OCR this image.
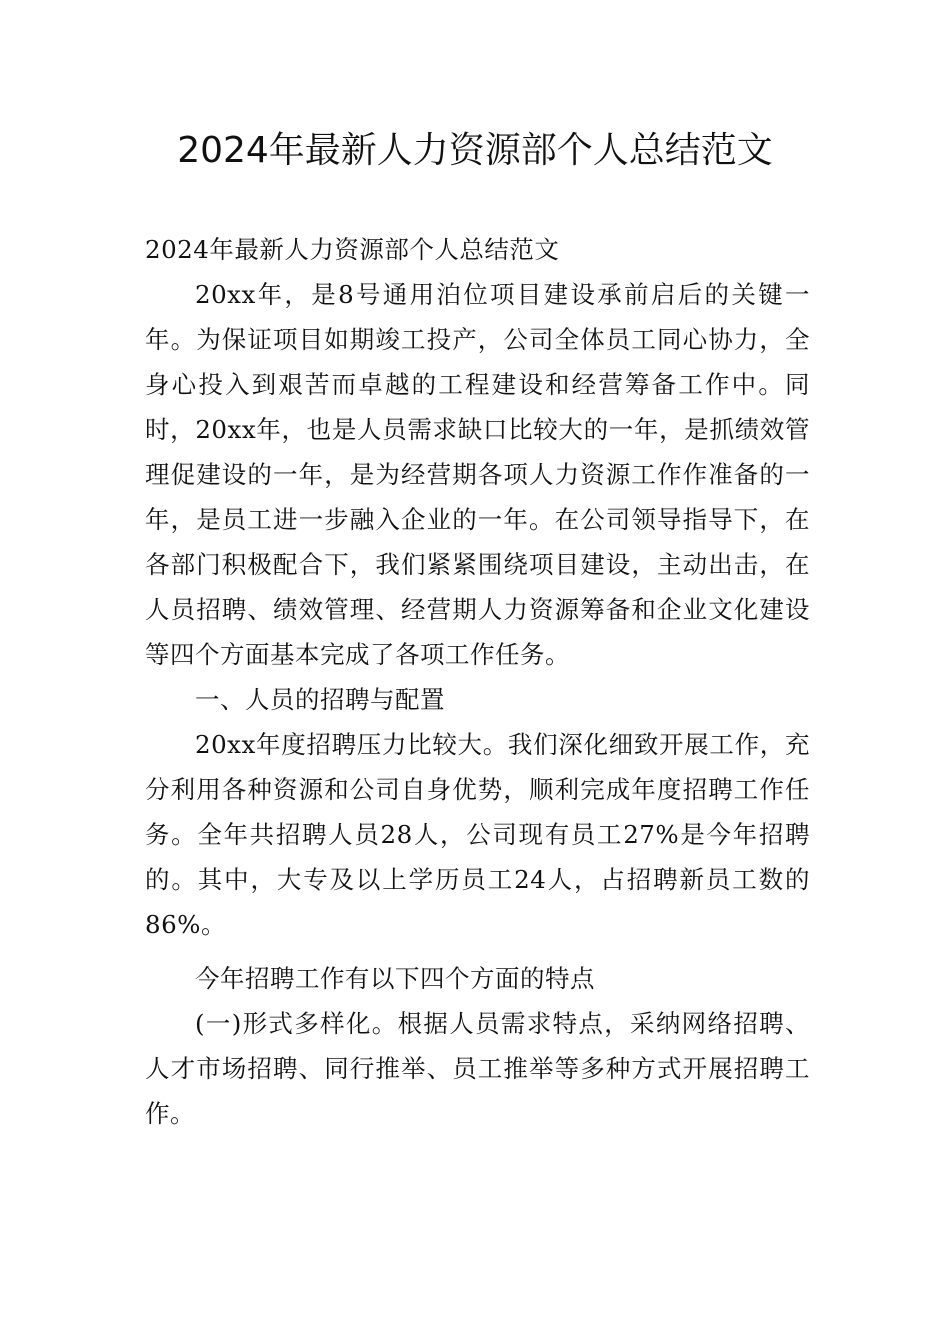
2024年最新人力资源部个人总结范文

2024年最新人力资源部个人总结范文

20xx年，是8号通用泊位项目建设承前启后的关键一年。为保证项目如期竣工投产，公司全体员工同心协力，全身心投入到艰苦而卓越的工程建设和经营筹备工作中。同时，20xx年，也是人员需求缺口比较大的一年，是抓绩效管理促建设的一年，是为经营期各项人力资源工作作准备的一年，是员工进一步融入企业的一年。在公司领导指导下，在各部门积极配合下，我们紧紧围绕项目建设，主动出击，在人员招聘、绩效管理、经营期人力资源筹备和企业文化建设等四个方面基本完成了各项工作任务。

一、人员的招聘与配置

20xx年度招聘压力比较大。我们深化细致开展工作，充分利用各种资源和公司自身优势，顺利完成年度招聘工作任务。全年共招聘人员28人，公司现有员工27%是今年招聘的。其中，大专及以上学历员工24人，占招聘新员工数的86%。

今年招聘工作有以下四个方面的特点

(一)形式多样化。根据人员需求特点，采纳网络招聘、人才市场招聘、同行推举、员工推举等多种方式开展招聘工作。
